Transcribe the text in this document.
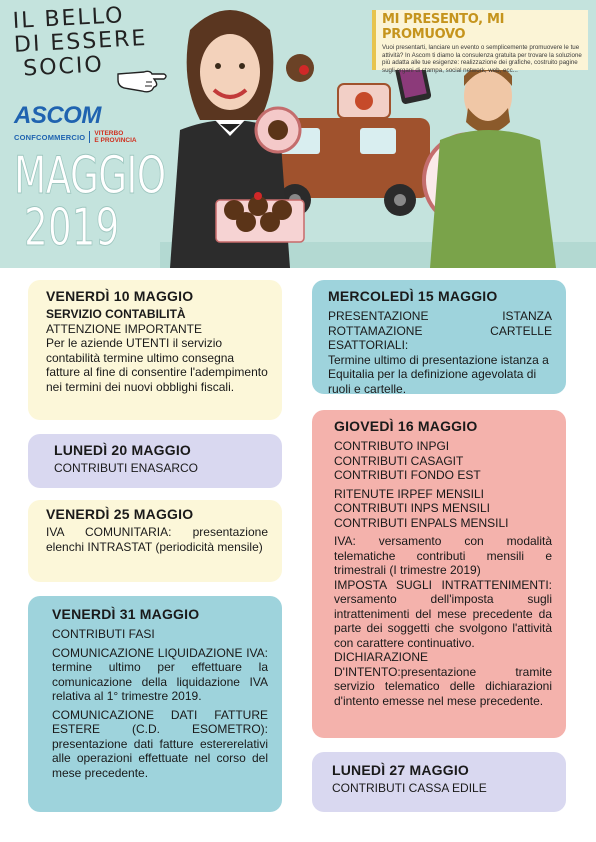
IL BELLO
DI ESSERE
SOCIO
ASCOM
CONFCOMMERCIO VITERBO
E PROVINCIA
MAGGIO
2019
MI PRESENTO, MI PROMUOVO
Vuoi presentarti, lanciare un evento o semplicemente promuovere le tue attività? In Ascom ti diamo la consulenza gratuita per trovare la soluzione più adatta alle tue esigenze: realizzazione dei grafiche, costruito pagine sugli organi di stampa, social network, web, ecc...
VENERDÌ 10 MAGGIO
SERVIZIO CONTABILITÀ
ATTENZIONE IMPORTANTE
Per le aziende UTENTI il servizio contabilità termine ultimo consegna fatture al fine di consentire l'adempimento nei termini dei nuovi obblighi fiscali.
MERCOLEDÌ 15 MAGGIO
PRESENTAZIONE ISTANZA ROTTAMAZIONE CARTELLE ESATTORIALI:
Termine ultimo di presentazione istanza a Equitalia per la definizione agevolata di ruoli e cartelle.
LUNEDÌ 20 MAGGIO
CONTRIBUTI ENASARCO
GIOVEDÌ 16 MAGGIO
CONTRIBUTO INPGI
CONTRIBUTI CASAGIT
CONTRIBUTI FONDO EST
RITENUTE IRPEF MENSILI
CONTRIBUTI INPS MENSILI
CONTRIBUTI ENPALS MENSILI
IVA: versamento con modalità telematiche contributi mensili e trimestrali (I trimestre 2019)
IMPOSTA SUGLI INTRATTENIMENTI: versamento dell'imposta sugli intrattenimenti del mese precedente da parte dei soggetti che svolgono l'attività con carattere continuativo.
DICHIARAZIONE D'INTENTO:presentazione tramite servizio telematico delle dichiarazioni d'intento emesse nel mese precedente.
VENERDÌ 25 MAGGIO
IVA COMUNITARIA: presentazione elenchi INTRASTAT (periodicità mensile)
VENERDÌ 31 MAGGIO
CONTRIBUTI FASI
COMUNICAZIONE LIQUIDAZIONE IVA: termine ultimo per effettuare la comunicazione della liquidazione IVA relativa al 1° trimestre 2019.
COMUNICAZIONE DATI FATTURE ESTERE (C.D. ESOMETRO): presentazione dati fatture estererelativi alle operazioni effettuate nel corso del mese precedente.	LUNEDÌ 27 MAGGIO
CONTRIBUTI CASSA EDILE
